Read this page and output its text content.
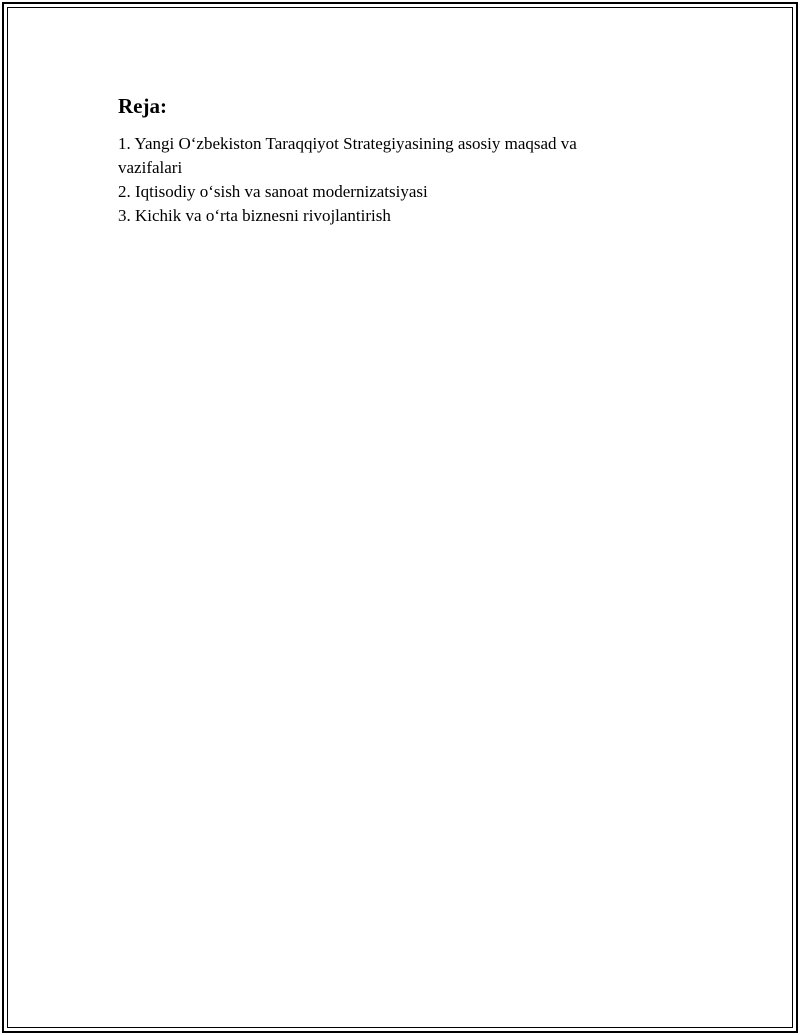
Reja:
1. Yangi O‘zbekiston Taraqqiyot Strategiyasining asosiy maqsad va vazifalari
2. Iqtisodiy o‘sish va sanoat modernizatsiyasi
3. Kichik va o‘rta biznesni rivojlantirish
